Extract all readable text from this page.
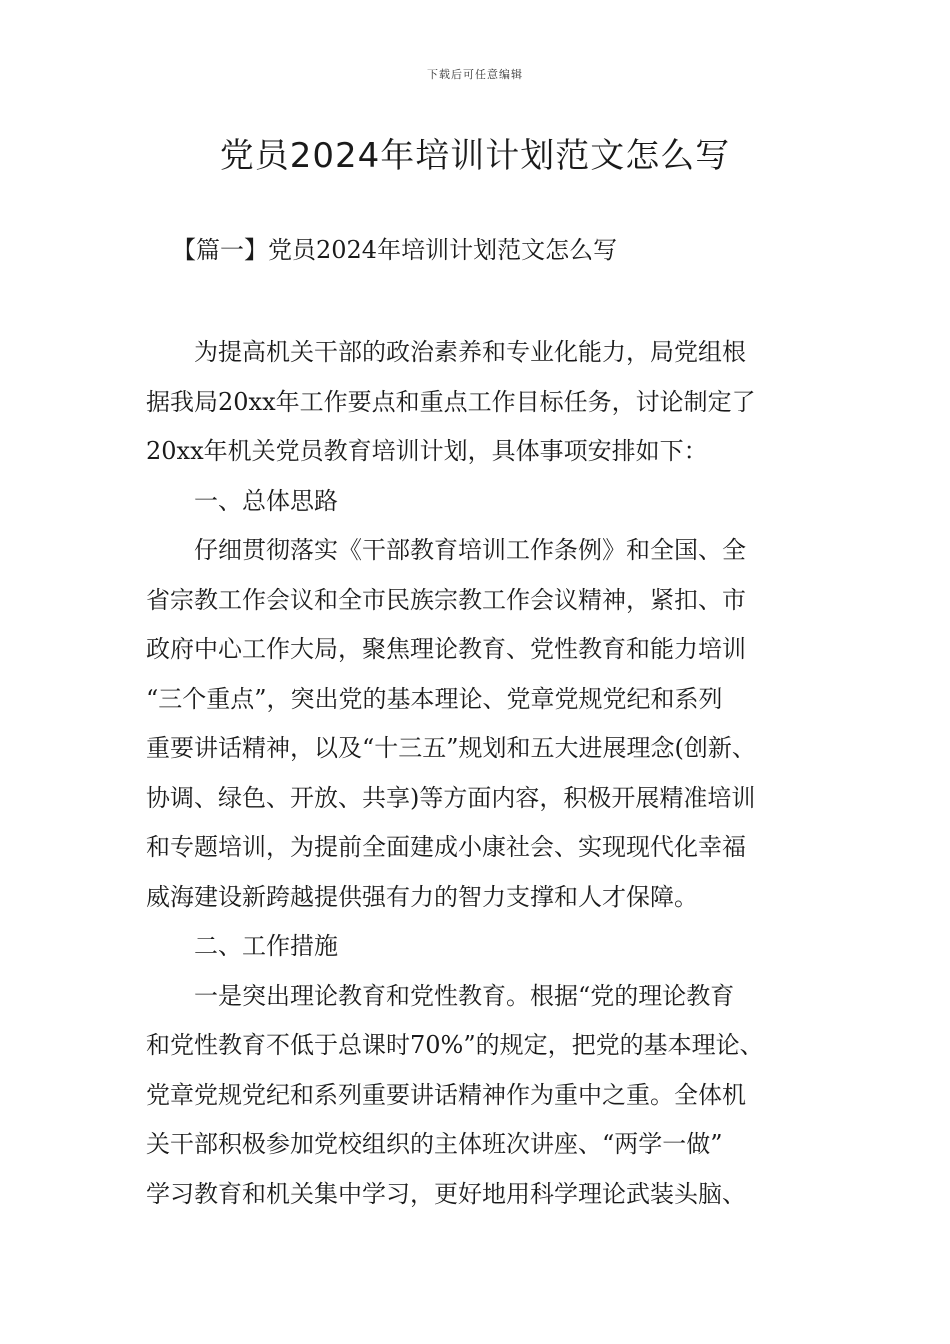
下载后可任意编辑
党员2024年培训计划范文怎么写
【篇一】党员2024年培训计划范文怎么写

为提高机关干部的政治素养和专业化能力，局党组根

据我局20xx年工作要点和重点工作目标任务，讨论制定了

20xx年机关党员教育培训计划，具体事项安排如下：

一、总体思路

仔细贯彻落实《干部教育培训工作条例》和全国、全

省宗教工作会议和全市民族宗教工作会议精神，紧扣、市

政府中心工作大局，聚焦理论教育、党性教育和能力培训

“三个重点”，突出党的基本理论、党章党规党纪和系列

重要讲话精神，以及“十三五”规划和五大进展理念(创新、

协调、绿色、开放、共享)等方面内容，积极开展精准培训

和专题培训，为提前全面建成小康社会、实现现代化幸福

威海建设新跨越提供强有力的智力支撑和人才保障。

二、工作措施

一是突出理论教育和党性教育。根据“党的理论教育

和党性教育不低于总课时70%”的规定，把党的基本理论、

党章党规党纪和系列重要讲话精神作为重中之重。全体机

关干部积极参加党校组织的主体班次讲座、“两学一做”

学习教育和机关集中学习，更好地用科学理论武装头脑、
